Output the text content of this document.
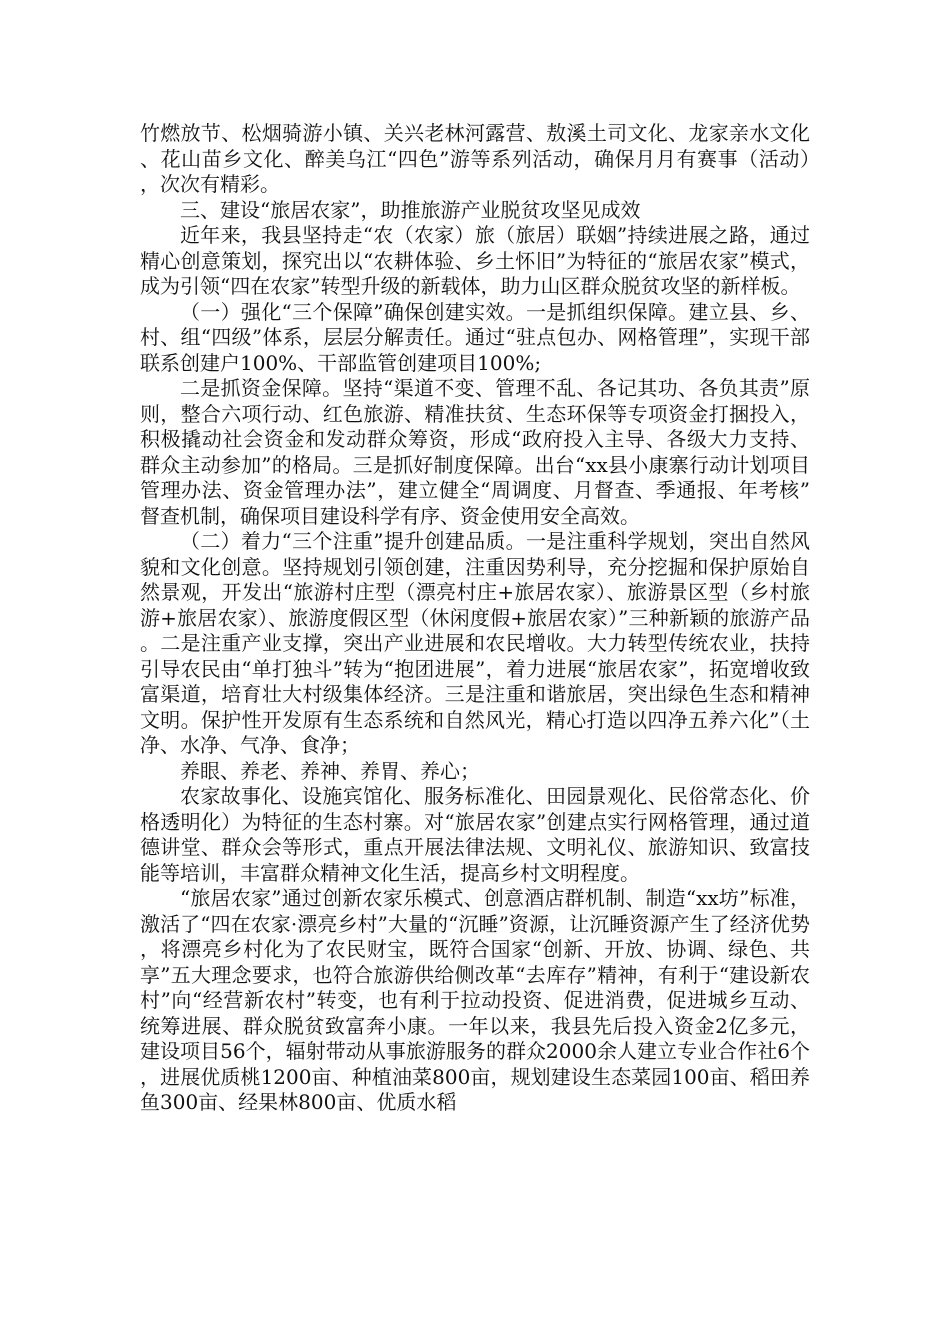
竹燃放节、松烟骑游小镇、关兴老林河露营、敖溪土司文化、龙家亲水文化、花山苗乡文化、醉美乌江“四色”游等系列活动，确保月月有赛事（活动），次次有精彩。

三、建设“旅居农家”，助推旅游产业脱贫攻坚见成效

近年来，我县坚持走“农（农家）旅（旅居）联姻”持续进展之路，通过精心创意策划，探究出以“农耕体验、乡土怀旧”为特征的“旅居农家”模式，成为引领“四在农家”转型升级的新载体，助力山区群众脱贫攻坚的新样板。

（一）强化“三个保障”确保创建实效。一是抓组织保障。建立县、乡、村、组“四级”体系，层层分解责任。通过“驻点包办、网格管理”，实现干部联系创建户100%、干部监管创建项目100%;

二是抓资金保障。坚持“渠道不变、管理不乱、各记其功、各负其责”原则，整合六项行动、红色旅游、精准扶贫、生态环保等专项资金打捆投入，积极撬动社会资金和发动群众筹资，形成“政府投入主导、各级大力支持、群众主动参加”的格局。三是抓好制度保障。出台“xx县小康寨行动计划项目管理办法、资金管理办法”，建立健全“周调度、月督查、季通报、年考核”督查机制，确保项目建设科学有序、资金使用安全高效。

（二）着力“三个注重”提升创建品质。一是注重科学规划，突出自然风貌和文化创意。坚持规划引领创建，注重因势利导，充分挖掘和保护原始自然景观，开发出“旅游村庄型（漂亮村庄+旅居农家）、旅游景区型（乡村旅游+旅居农家）、旅游度假区型（休闲度假+旅居农家）”三种新颖的旅游产品。二是注重产业支撑，突出产业进展和农民增收。大力转型传统农业，扶持引导农民由“单打独斗”转为“抱团进展”，着力进展“旅居农家”，拓宽增收致富渠道，培育壮大村级集体经济。三是注重和谐旅居，突出绿色生态和精神文明。保护性开发原有生态系统和自然风光，精心打造以四净五养六化”（土净、水净、气净、食净；

养眼、养老、养神、养胃、养心；

农家故事化、设施宾馆化、服务标准化、田园景观化、民俗常态化、价格透明化）为特征的生态村寨。对“旅居农家”创建点实行网格管理，通过道德讲堂、群众会等形式，重点开展法律法规、文明礼仪、旅游知识、致富技能等培训，丰富群众精神文化生活，提高乡村文明程度。

“旅居农家”通过创新农家乐模式、创意酒店群机制、制造“xx坊”标准，激活了“四在农家·漂亮乡村”大量的“沉睡”资源，让沉睡资源产生了经济优势，将漂亮乡村化为了农民财宝，既符合国家“创新、开放、协调、绿色、共享”五大理念要求，也符合旅游供给侧改革“去库存”精神，有利于“建设新农村”向“经营新农村”转变，也有利于拉动投资、促进消费，促进城乡互动、统筹进展、群众脱贫致富奔小康。一年以来，我县先后投入资金2亿多元，建设项目56个，辐射带动从事旅游服务的群众2000余人建立专业合作社6个，进展优质桃1200亩、种植油菜800亩，规划建设生态菜园100亩、稻田养鱼300亩、经果林800亩、优质水稻
